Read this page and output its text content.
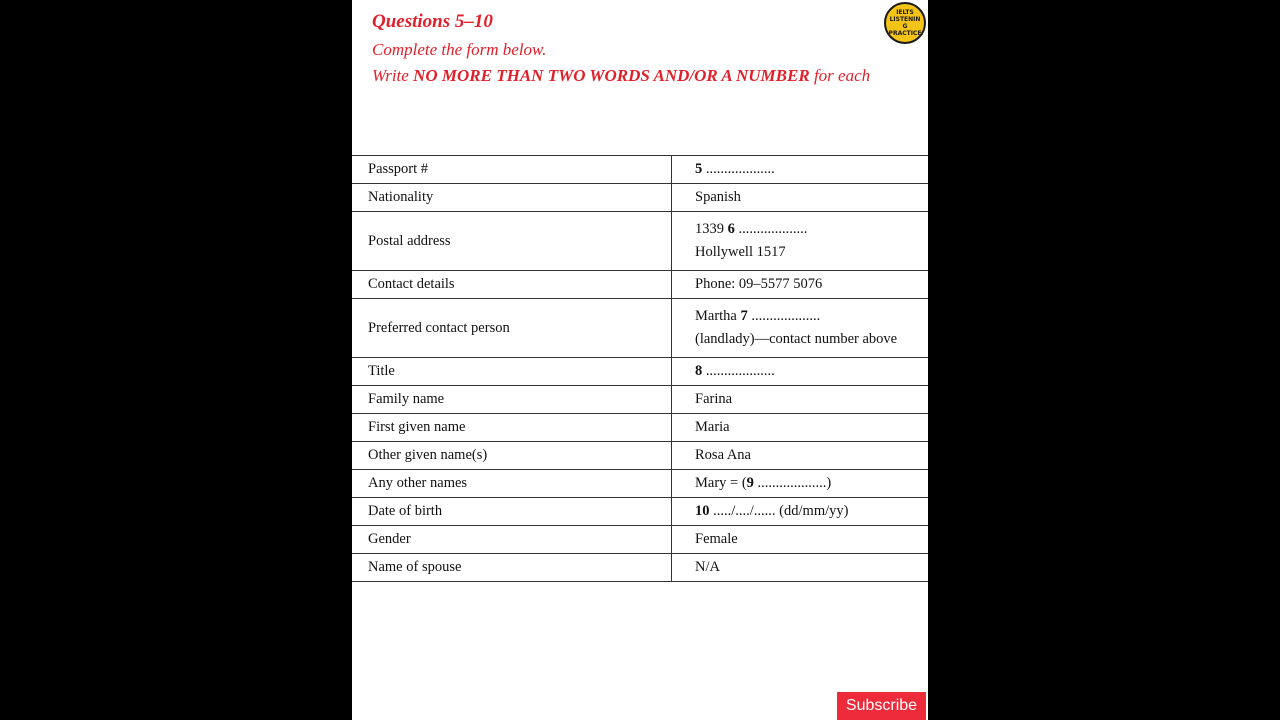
Questions 5–10
Complete the form below.
Write NO MORE THAN TWO WORDS AND/OR A NUMBER for each
IELTS LISTENING PRACTICE
Passport #	5 ...................
Nationality	Spanish
Postal address	1339 6 ...................
Hollywell 1517

Contact details	Phone: 09–5577 5076
Preferred contact person	Martha 7 ...................
(landlady)—contact number above

Title	8 ...................
Family name	Farina
First given name	Maria
Other given name(s)	Rosa Ana
Any other names	Mary = (9 ...................)
Date of birth	10 ...../..../...... (dd/mm/yy)
Gender	Female
Name of spouse	N/A
Subscribe
